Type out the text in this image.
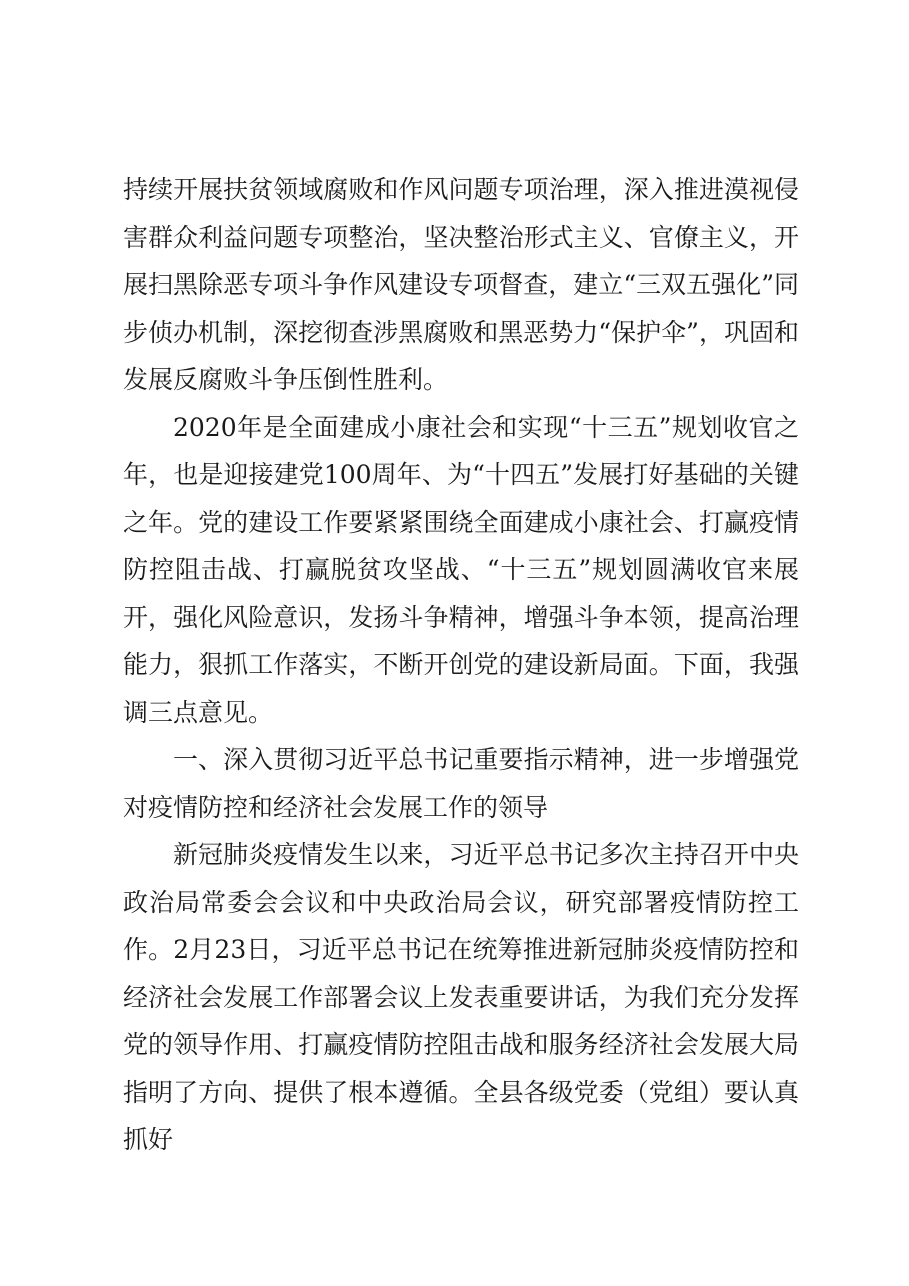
持续开展扶贫领域腐败和作风问题专项治理，深入推进漠视侵害群众利益问题专项整治，坚决整治形式主义、官僚主义，开展扫黑除恶专项斗争作风建设专项督查，建立“三双五强化”同步侦办机制，深挖彻查涉黑腐败和黑恶势力“保护伞”，巩固和发展反腐败斗争压倒性胜利。

2020年是全面建成小康社会和实现“十三五”规划收官之年，也是迎接建党100周年、为“十四五”发展打好基础的关键之年。党的建设工作要紧紧围绕全面建成小康社会、打赢疫情防控阻击战、打赢脱贫攻坚战、“十三五”规划圆满收官来展开，强化风险意识，发扬斗争精神，增强斗争本领，提高治理能力，狠抓工作落实，不断开创党的建设新局面。下面，我强调三点意见。

一、深入贯彻习近平总书记重要指示精神，进一步增强党对疫情防控和经济社会发展工作的领导

新冠肺炎疫情发生以来，习近平总书记多次主持召开中央政治局常委会会议和中央政治局会议，研究部署疫情防控工作。2月23日，习近平总书记在统筹推进新冠肺炎疫情防控和经济社会发展工作部署会议上发表重要讲话，为我们充分发挥党的领导作用、打赢疫情防控阻击战和服务经济社会发展大局指明了方向、提供了根本遵循。全县各级党委（党组）要认真抓好
